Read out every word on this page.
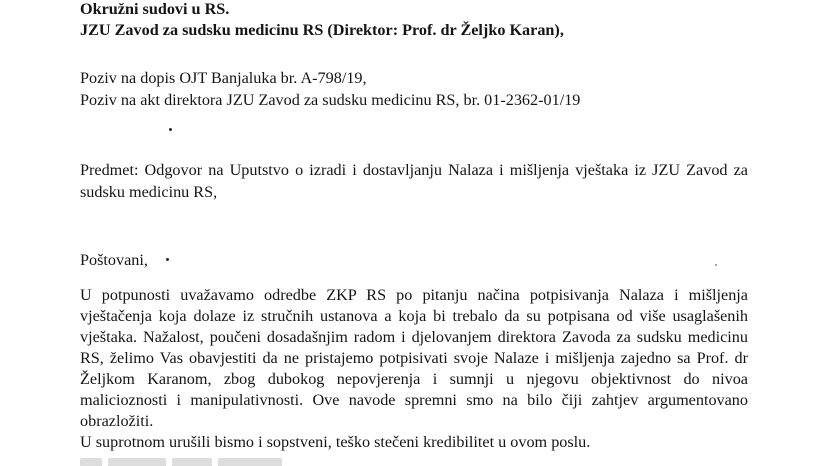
Okružni sudovi u RS.
JZU Zavod za sudsku medicinu RS (Direktor: Prof. dr Željko Karan),
Poziv na dopis OJT Banjaluka br. A-798/19,
Poziv na akt direktora JZU Zavod za sudsku medicinu RS, br. 01-2362-01/19
Predmet: Odgovor na Uputstvo o izradi i dostavljanju Nalaza i mišljenja vještaka iz JZU Zavod za
sudsku medicinu RS,
Poštovani,
U potpunosti uvažavamo odredbe ZKP RS po pitanju načina potpisivanja Nalaza i mišljenja
vještačenja koja dolaze iz stručnih ustanova a koja bi trebalo da su potpisana od više usaglašenih
vještaka. Nažalost, poučeni dosadašnjim radom i djelovanjem direktora Zavoda za sudsku medicinu
RS, želimo Vas obavjestiti da ne pristajemo potpisivati svoje Nalaze i mišljenja zajedno sa Prof. dr
Željkom Karanom, zbog dubokog nepovjerenja i sumnji u njegovu objektivnost do nivoa
malicioznosti i manipulativnosti. Ove navode spremni smo na bilo čiji zahtjev argumentovano
obrazložiti.
U suprotnom urušili bismo i sopstveni, teško stečeni kredibilitet u ovom poslu.
